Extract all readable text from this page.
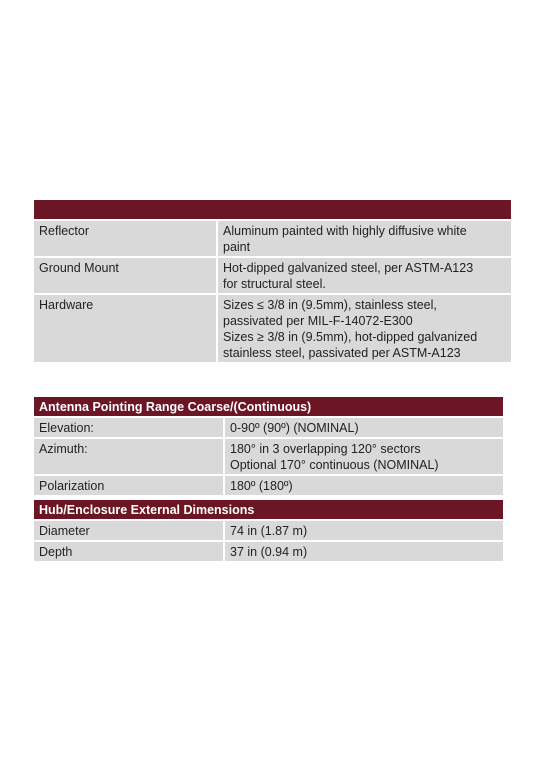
Reflector	Aluminum painted with highly diffusive white
paint

Ground Mount	Hot-dipped galvanized steel, per ASTM-A123
for structural steel.

Hardware	Sizes ≤ 3/8 in (9.5mm), stainless steel,
passivated per MIL-F-14072-E300
Sizes ≥ 3/8 in (9.5mm), hot-dipped galvanized
stainless steel, passivated per ASTM-A123
Antenna Pointing Range Coarse/(Continuous)	
Elevation:	0-90º (90º) (NOMINAL)

Azimuth:	180° in 3 overlapping 120° sectors
Optional 170° continuous (NOMINAL)

Polarization	180º (180º)
Hub/Enclosure External Dimensions	
Diameter	74 in (1.87 m)

Depth	37 in (0.94 m)
